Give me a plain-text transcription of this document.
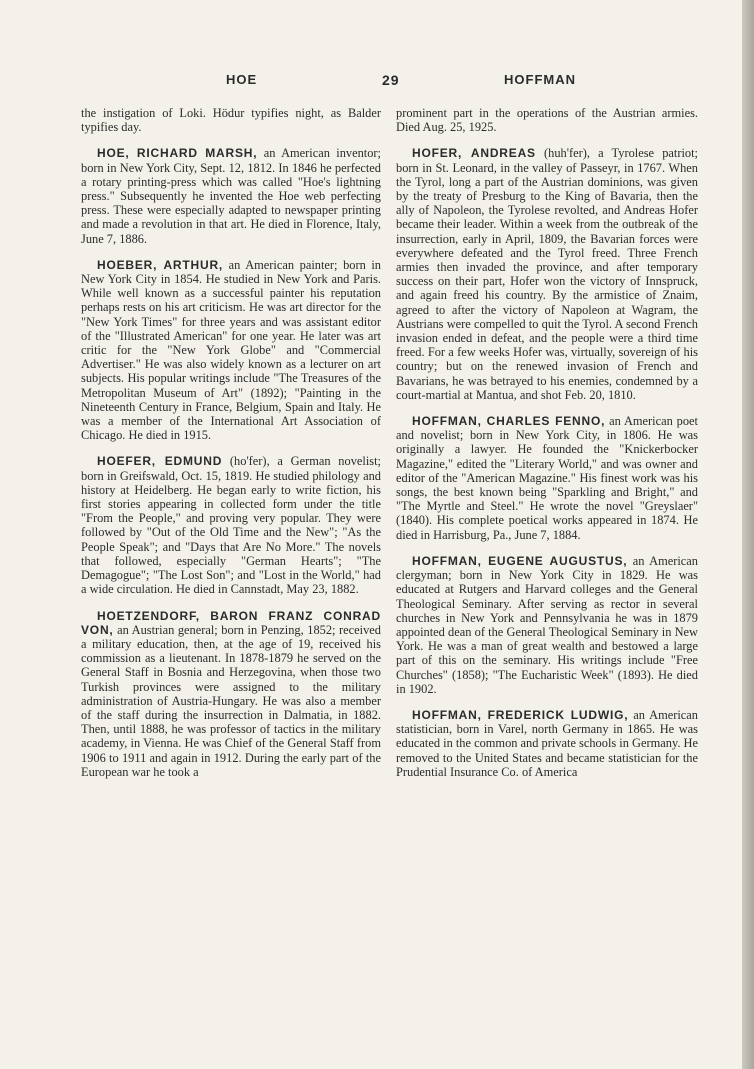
HOE	29	HOFFMAN

the instigation of Loki. Hödur typifies night, as Balder typifies day.

HOE, RICHARD MARSH, an American inventor; born in New York City, Sept. 12, 1812. In 1846 he perfected a rotary printing-press which was called "Hoe's lightning press." Subsequently he invented the Hoe web perfecting press. These were especially adapted to newspaper printing and made a revolution in that art. He died in Florence, Italy, June 7, 1886.

HOEBER, ARTHUR, an American painter; born in New York City in 1854. He studied in New York and Paris. While well known as a successful painter his reputation perhaps rests on his art criticism. He was art director for the "New York Times" for three years and was assistant editor of the "Illustrated American" for one year. He later was art critic for the "New York Globe" and "Commercial Advertiser." He was also widely known as a lecturer on art subjects. His popular writings include "The Treasures of the Metropolitan Museum of Art" (1892); "Painting in the Nineteenth Century in France, Belgium, Spain and Italy. He was a member of the International Art Association of Chicago. He died in 1915.

HOEFER, EDMUND (ho'fer), a German novelist; born in Greifswald, Oct. 15, 1819. He studied philology and history at Heidelberg. He began early to write fiction, his first stories appearing in collected form under the title "From the People," and proving very popular. They were followed by "Out of the Old Time and the New"; "As the People Speak"; and "Days that Are No More." The novels that followed, especially "German Hearts"; "The Demagogue"; "The Lost Son"; and "Lost in the World," had a wide circulation. He died in Cannstadt, May 23, 1882.

HOETZENDORF, BARON FRANZ CONRAD VON, an Austrian general; born in Penzing, 1852; received a military education, then, at the age of 19, received his commission as a lieutenant. In 1878-1879 he served on the General Staff in Bosnia and Herzegovina, when those two Turkish provinces were assigned to the military administration of Austria-Hungary. He was also a member of the staff during the insurrection in Dalmatia, in 1882. Then, until 1888, he was professor of tactics in the military academy, in Vienna. He was Chief of the General Staff from 1906 to 1911 and again in 1912. During the early part of the European war he took a

prominent part in the operations of the Austrian armies. Died Aug. 25, 1925.

HOFER, ANDREAS (huh'fer), a Tyrolese patriot; born in St. Leonard, in the valley of Passeyr, in 1767. When the Tyrol, long a part of the Austrian dominions, was given by the treaty of Presburg to the King of Bavaria, then the ally of Napoleon, the Tyrolese revolted, and Andreas Hofer became their leader. Within a week from the outbreak of the insurrection, early in April, 1809, the Bavarian forces were everywhere defeated and the Tyrol freed. Three French armies then invaded the province, and after temporary success on their part, Hofer won the victory of Innspruck, and again freed his country. By the armistice of Znaim, agreed to after the victory of Napoleon at Wagram, the Austrians were compelled to quit the Tyrol. A second French invasion ended in defeat, and the people were a third time freed. For a few weeks Hofer was, virtually, sovereign of his country; but on the renewed invasion of French and Bavarians, he was betrayed to his enemies, condemned by a court-martial at Mantua, and shot Feb. 20, 1810.

HOFFMAN, CHARLES FENNO, an American poet and novelist; born in New York City, in 1806. He was originally a lawyer. He founded the "Knickerbocker Magazine," edited the "Literary World," and was owner and editor of the "American Magazine." His finest work was his songs, the best known being "Sparkling and Bright," and "The Myrtle and Steel." He wrote the novel "Greyslaer" (1840). His complete poetical works appeared in 1874. He died in Harrisburg, Pa., June 7, 1884.

HOFFMAN, EUGENE AUGUSTUS, an American clergyman; born in New York City in 1829. He was educated at Rutgers and Harvard colleges and the General Theological Seminary. After serving as rector in several churches in New York and Pennsylvania he was in 1879 appointed dean of the General Theological Seminary in New York. He was a man of great wealth and bestowed a large part of this on the seminary. His writings include "Free Churches" (1858); "The Eucharistic Week" (1893). He died in 1902.

HOFFMAN, FREDERICK LUDWIG, an American statistician, born in Varel, north Germany in 1865. He was educated in the common and private schools in Germany. He removed to the United States and became statistician for the Prudential Insurance Co. of America
